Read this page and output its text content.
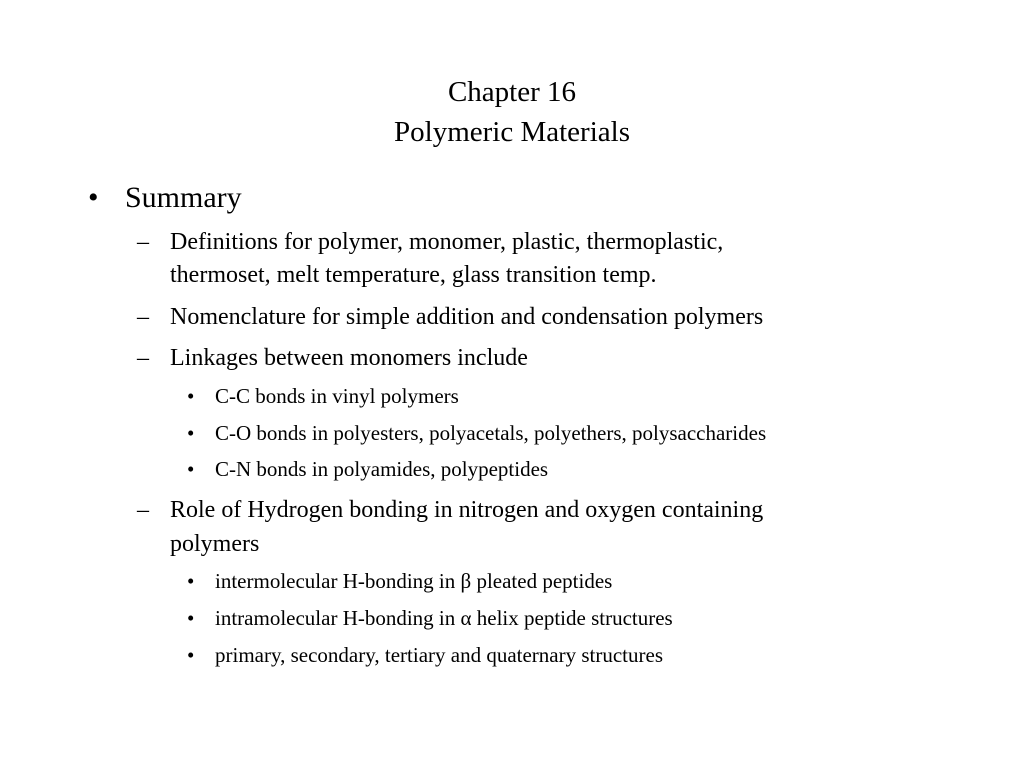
Chapter 16
Polymeric Materials
• Summary
– Definitions for polymer, monomer, plastic, thermoplastic,
thermoset, melt temperature, glass transition temp.
– Nomenclature for simple addition and condensation polymers
– Linkages between monomers include
• C-C bonds in vinyl polymers
• C-O bonds in polyesters, polyacetals, polyethers, polysaccharides
• C-N bonds in polyamides, polypeptides
– Role of Hydrogen bonding in nitrogen and oxygen containing
polymers
• intermolecular H-bonding in β pleated peptides
• intramolecular H-bonding in α helix peptide structures
• primary, secondary, tertiary and quaternary structures
